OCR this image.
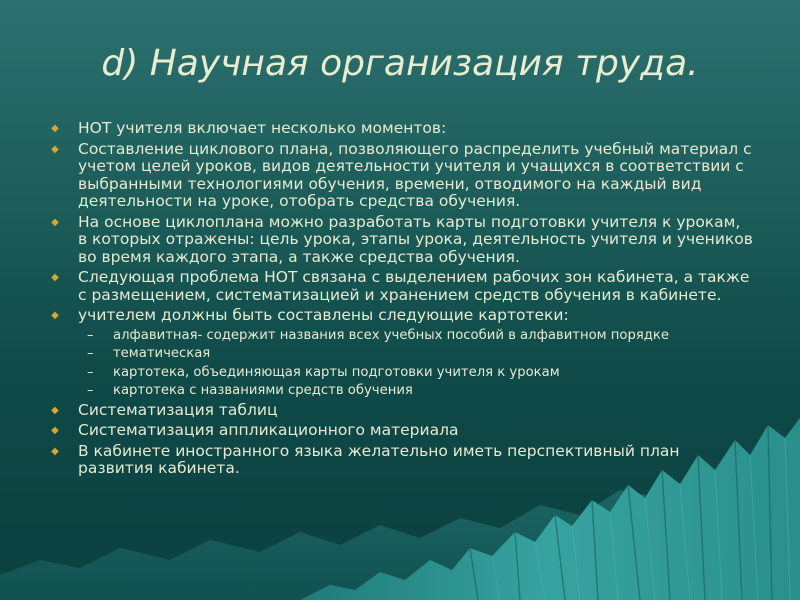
d) Научная организация труда.
◆ НОТ учителя включает несколько моментов:
◆ Составление циклового плана, позволяющего распределить учебный материал с учетом целей уроков, видов деятельности учителя и учащихся в соответствии с выбранными технологиями обучения, времени, отводимого на каждый вид деятельности на уроке, отобрать средства обучения.
◆ На основе циклоплана можно разработать карты подготовки учителя к урокам, в которых отражены: цель урока, этапы урока, деятельность учителя и учеников во время каждого этапа, а также средства обучения.
◆ Следующая проблема НОТ связана с выделением рабочих зон кабинета, а также с размещением, систематизацией и хранением средств обучения в кабинете.
◆ учителем должны быть составлены следующие картотеки:
– алфавитная- содержит названия всех учебных пособий в алфавитном порядке
– тематическая
– картотека, объединяющая карты подготовки учителя к урокам
– картотека с названиями средств обучения
◆ Систематизация таблиц
◆ Систематизация аппликационного материала
◆ В кабинете иностранного языка желательно иметь перспективный план развития кабинета.
